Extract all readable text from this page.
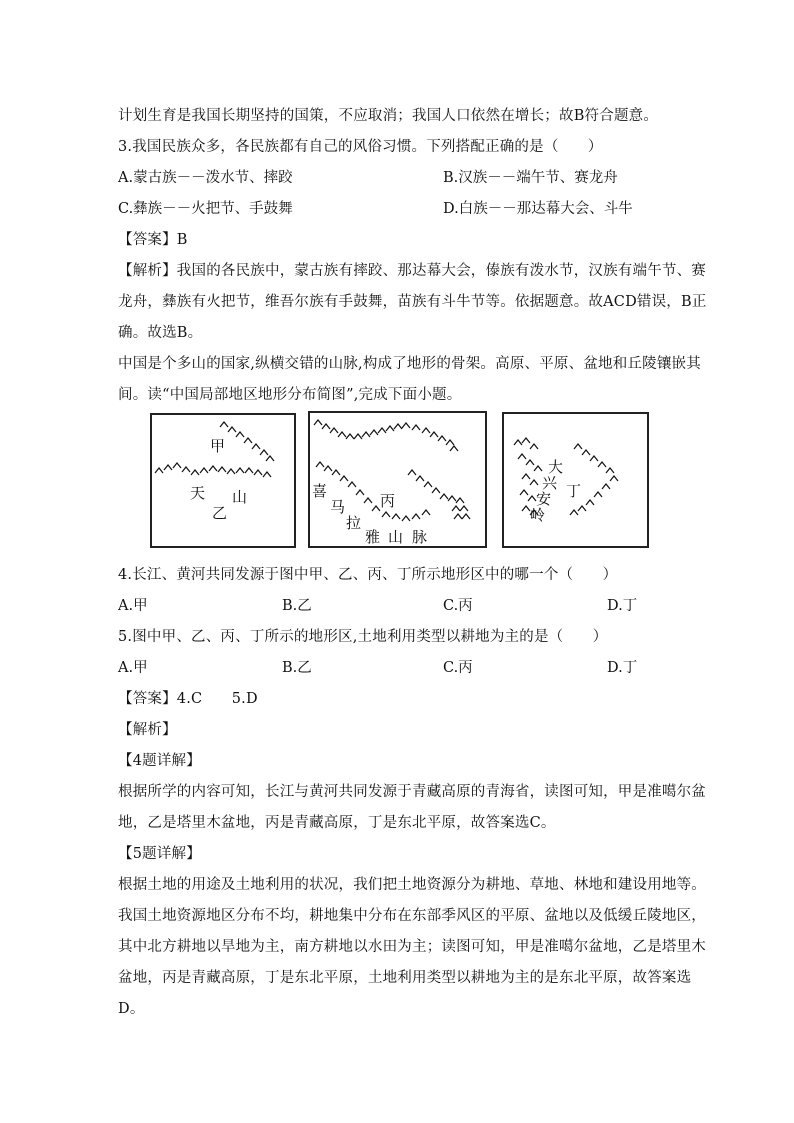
计划生育是我国长期坚持的国策，不应取消；我国人口依然在增长；故B符合题意。
3.我国民族众多，各民族都有自己的风俗习惯。下列搭配正确的是（　　）
A.蒙古族－－泼水节、摔跤	B.汉族－－端午节、赛龙舟
C.彝族－－火把节、手鼓舞	D.白族－－那达幕大会、斗牛
【答案】B
【解析】我国的各民族中，蒙古族有摔跤、那达幕大会，傣族有泼水节，汉族有端午节、赛
龙舟，彝族有火把节，维吾尔族有手鼓舞，苗族有斗牛节等。依据题意。故ACD错误，B正
确。故选B。
中国是个多山的国家,纵横交错的山脉,构成了地形的骨架。高原、平原、盆地和丘陵镶嵌其
间。读“中国局部地区地形分布简图”,完成下面小题。
甲
天 山
乙
喜
马
拉
雅 山 脉
丙
大
兴
安
岭
丁
4.长江、黄河共同发源于图中甲、乙、丙、丁所示地形区中的哪一个（　　）
A.甲	B.乙	C.丙	D.丁
5.图中甲、乙、丙、丁所示的地形区,土地利用类型以耕地为主的是（　　）
A.甲	B.乙	C.丙	D.丁
【答案】4.C　　5.D
【解析】
【4题详解】
根据所学的内容可知，长江与黄河共同发源于青藏高原的青海省，读图可知，甲是准噶尔盆
地，乙是塔里木盆地，丙是青藏高原，丁是东北平原，故答案选C。
【5题详解】
根据土地的用途及土地利用的状况，我们把土地资源分为耕地、草地、林地和建设用地等。
我国土地资源地区分布不均，耕地集中分布在东部季风区的平原、盆地以及低缓丘陵地区，
其中北方耕地以旱地为主，南方耕地以水田为主；读图可知，甲是准噶尔盆地，乙是塔里木
盆地，丙是青藏高原，丁是东北平原，土地利用类型以耕地为主的是东北平原，故答案选
D。
